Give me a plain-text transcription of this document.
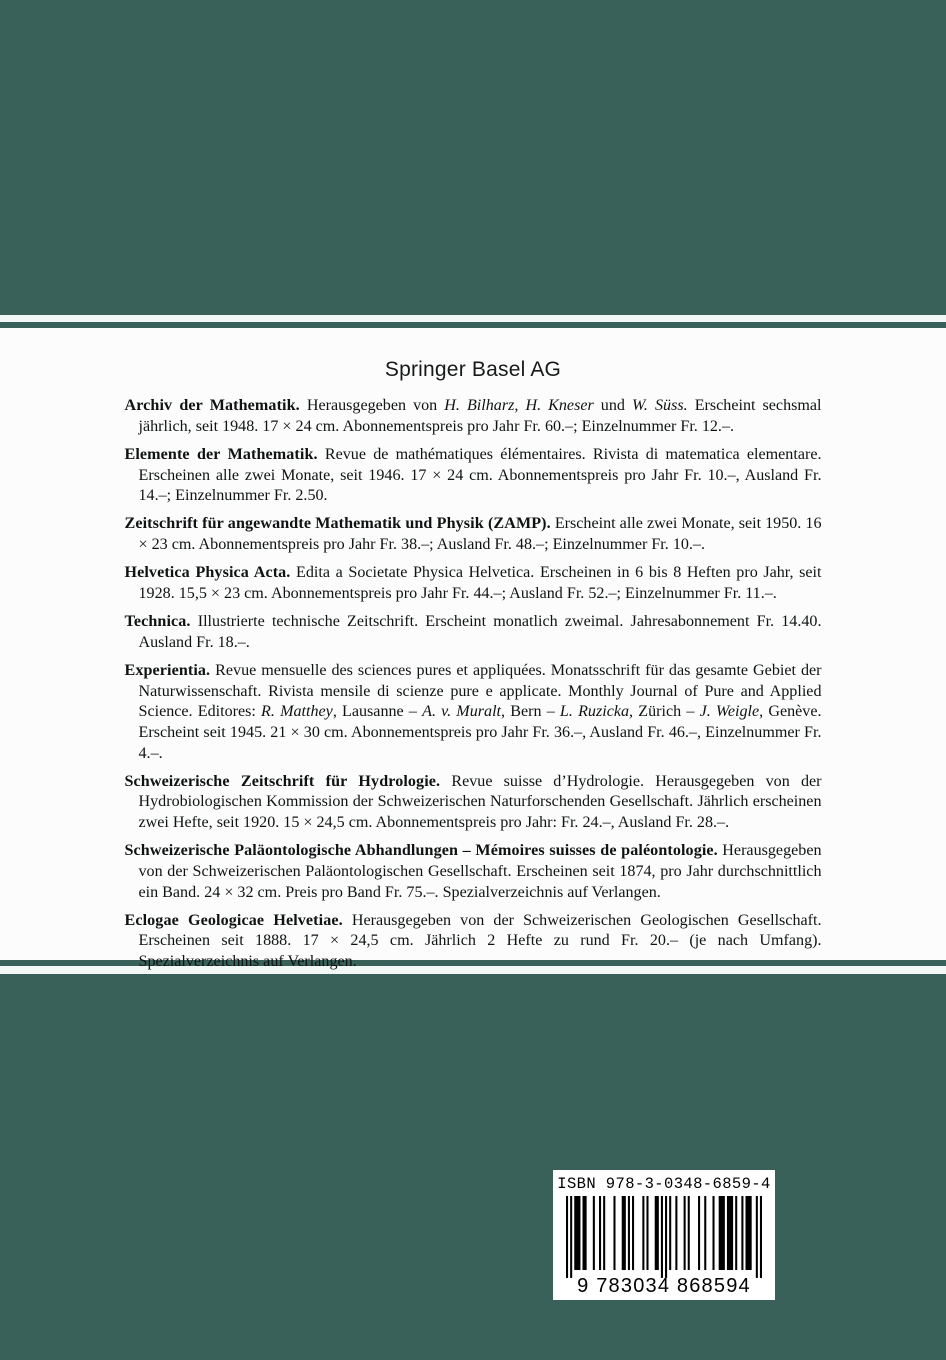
Springer Basel AG

Archiv der Mathematik. Herausgegeben von H. Bilharz, H. Kneser und W. Süss. Erscheint sechsmal jährlich, seit 1948. 17 × 24 cm. Abonnementspreis pro Jahr Fr. 60.–; Einzelnummer Fr. 12.–.

Elemente der Mathematik. Revue de mathématiques élémentaires. Rivista di matematica elementare. Erscheinen alle zwei Monate, seit 1946. 17 × 24 cm. Abonnementspreis pro Jahr Fr. 10.–, Ausland Fr. 14.–; Einzelnummer Fr. 2.50.

Zeitschrift für angewandte Mathematik und Physik (ZAMP). Erscheint alle zwei Monate, seit 1950. 16 × 23 cm. Abonnementspreis pro Jahr Fr. 38.–; Ausland Fr. 48.–; Einzelnummer Fr. 10.–.

Helvetica Physica Acta. Edita a Societate Physica Helvetica. Erscheinen in 6 bis 8 Heften pro Jahr, seit 1928. 15,5 × 23 cm. Abonnementspreis pro Jahr Fr. 44.–; Ausland Fr. 52.–; Einzelnummer Fr. 11.–.

Technica. Illustrierte technische Zeitschrift. Erscheint monatlich zweimal. Jahresabonnement Fr. 14.40. Ausland Fr. 18.–.

Experientia. Revue mensuelle des sciences pures et appliquées. Monatsschrift für das gesamte Gebiet der Naturwissenschaft. Rivista mensile di scienze pure e applicate. Monthly Journal of Pure and Applied Science. Editores: R. Matthey, Lausanne – A. v. Muralt, Bern – L. Ruzicka, Zürich – J. Weigle, Genève. Erscheint seit 1945. 21 × 30 cm. Abonnementspreis pro Jahr Fr. 36.–, Ausland Fr. 46.–, Einzelnummer Fr. 4.–.

Schweizerische Zeitschrift für Hydrologie. Revue suisse d’Hydrologie. Herausgegeben von der Hydrobiologischen Kommission der Schweizerischen Naturforschenden Gesellschaft. Jährlich erscheinen zwei Hefte, seit 1920. 15 × 24,5 cm. Abonnementspreis pro Jahr: Fr. 24.–, Ausland Fr. 28.–.

Schweizerische Paläontologische Abhandlungen – Mémoires suisses de paléontologie. Herausgegeben von der Schweizerischen Paläontologischen Gesellschaft. Erscheinen seit 1874, pro Jahr durchschnittlich ein Band. 24 × 32 cm. Preis pro Band Fr. 75.–. Spezialverzeichnis auf Verlangen.

Eclogae Geologicae Helvetiae. Herausgegeben von der Schweizerischen Geologischen Gesellschaft. Erscheinen seit 1888. 17 × 24,5 cm. Jährlich 2 Hefte zu rund Fr. 20.– (je nach Umfang). Spezialverzeichnis auf Verlangen.

ISBN 978-3-0348-6859-4
9 783034 868594
